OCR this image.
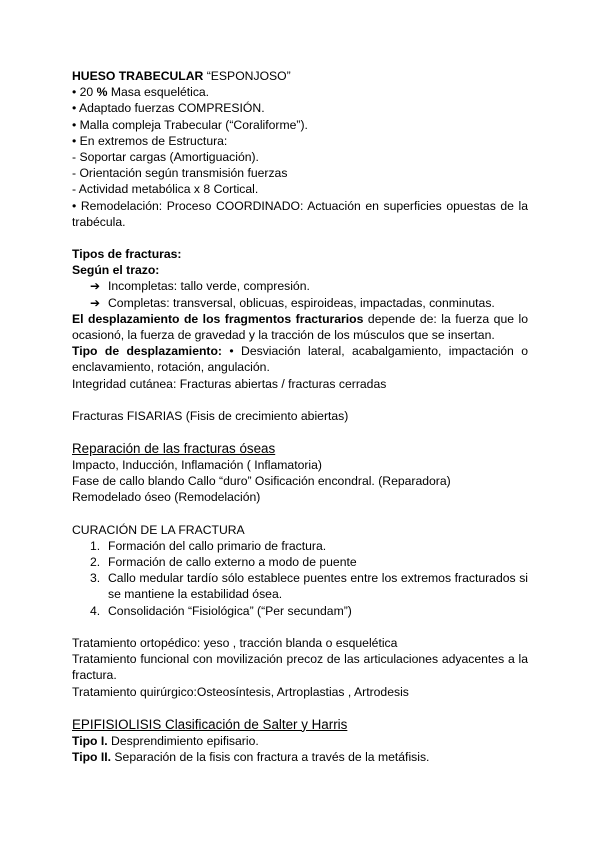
HUESO TRABECULAR “ESPONJOSO”

• 20 % Masa esquelética.

• Adaptado fuerzas COMPRESIÓN.

• Malla compleja Trabecular (“Coraliforme”).

• En extremos de Estructura:

- Soportar cargas (Amortiguación).

- Orientación según transmisión fuerzas

- Actividad metabólica x 8 Cortical.

• Remodelación: Proceso COORDINADO: Actuación en superficies opuestas de la trabécula.

Tipos de fracturas:

Según el trazo:

➔ Incompletas: tallo verde, compresión.
➔ Completas: transversal, oblicuas, espiroideas, impactadas, conminutas.

El desplazamiento de los fragmentos fracturarios depende de: la fuerza que lo ocasionó, la fuerza de gravedad y la tracción de los músculos que se insertan.

Tipo de desplazamiento: • Desviación lateral, acabalgamiento, impactación o enclavamiento, rotación, angulación.

Integridad cutánea: Fracturas abiertas / fracturas cerradas

Fracturas FISARIAS (Fisis de crecimiento abiertas)

Reparación de las fracturas óseas

Impacto, Inducción, Inflamación ( Inflamatoria)

Fase de callo blando Callo “duro” Osificación encondral. (Reparadora)

Remodelado óseo (Remodelación)

CURACIÓN DE LA FRACTURA

1. Formación del callo primario de fractura.
2. Formación de callo externo a modo de puente
3. Callo medular tardío sólo establece puentes entre los extremos fracturados si se mantiene la estabilidad ósea.
4. Consolidación “Fisiológica” (“Per secundam”)

Tratamiento ortopédico: yeso , tracción blanda o esquelética

Tratamiento funcional con movilización precoz de las articulaciones adyacentes a la fractura.

Tratamiento quirúrgico:Osteosíntesis, Artroplastias , Artrodesis

EPIFISIOLISIS Clasificación de Salter y Harris

Tipo I. Desprendimiento epifisario.

Tipo II. Separación de la fisis con fractura a través de la metáfisis.
